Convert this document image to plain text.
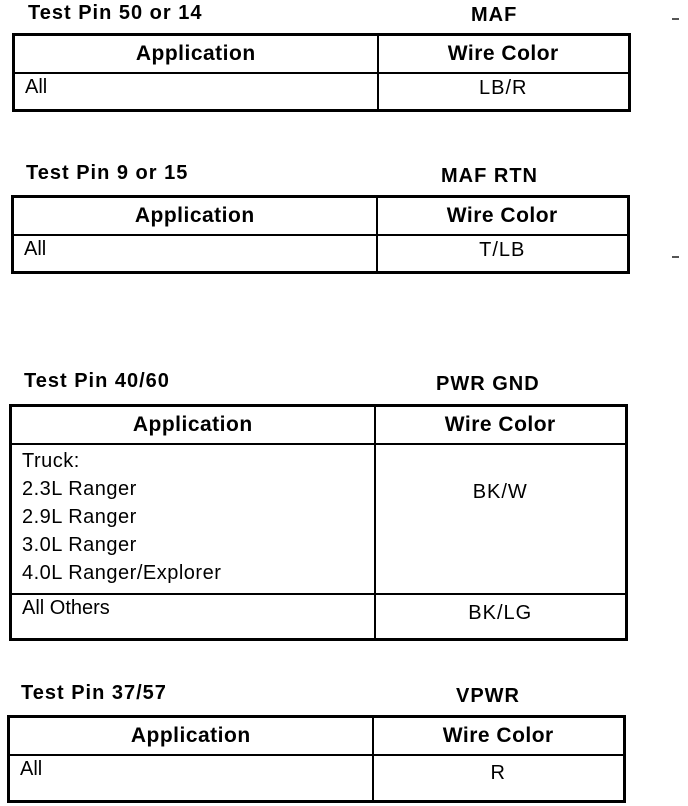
Test Pin 50 or 14	MAF
Application	Wire Color
All	LB/R
Test Pin 9 or 15	MAF RTN
Application	Wire Color
All	T/LB
Test Pin 40/60	PWR GND
Application	Wire Color

Truck:
2.3L Ranger
2.9L Ranger
3.0L Ranger
4.0L Ranger/Explorer	BK/W
All Others	BK/LG
Test Pin 37/57	VPWR
Application	Wire Color
All	R
